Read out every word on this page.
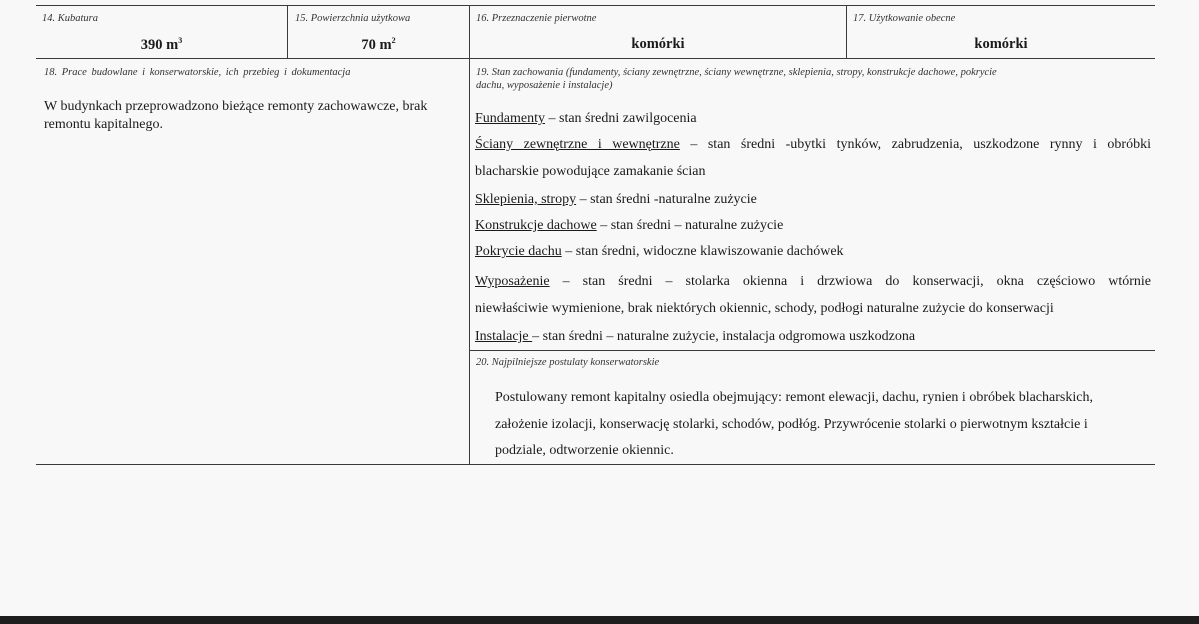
14. Kubatura
390 $m^3$
15. Powierzchnia użytkowa
70 $m^2$
16. Przeznaczenie pierwotne
komórki
17. Użytkowanie obecne
komórki
18. Prace budowlane i konserwatorskie, ich przebieg i dokumentacja
W budynkach przeprowadzono bieżące remonty zachowawcze, brak remontu kapitalnego.
19. Stan zachowania (fundamenty, ściany zewnętrzne, ściany wewnętrzne, sklepienia, stropy, konstrukcje dachowe, pokrycie
dachu, wyposażenie i instalacje)
Fundamenty – stan średni zawilgocenia
Ściany zewnętrzne i wewnętrzne – stan średni -ubytki tynków, zabrudzenia, uszkodzone rynny i obróbki
blacharskie powodujące zamakanie ścian
Sklepienia, stropy – stan średni -naturalne zużycie
Konstrukcje dachowe – stan średni – naturalne zużycie
Pokrycie dachu – stan średni, widoczne klawiszowanie dachówek
Wyposażenie – stan średni – stolarka okienna i drzwiowa do konserwacji, okna częściowo wtórnie
niewłaściwie wymienione, brak niektórych okiennic, schody, podłogi naturalne zużycie do konserwacji
Instalacje – stan średni – naturalne zużycie, instalacja odgromowa uszkodzona
20. Najpilniejsze postulaty konserwatorskie
Postulowany remont kapitalny osiedla obejmujący: remont elewacji, dachu, rynien i obróbek blacharskich,
założenie izolacji, konserwację stolarki, schodów, podłóg. Przywrócenie stolarki o pierwotnym kształcie i
podziale, odtworzenie okiennic.
